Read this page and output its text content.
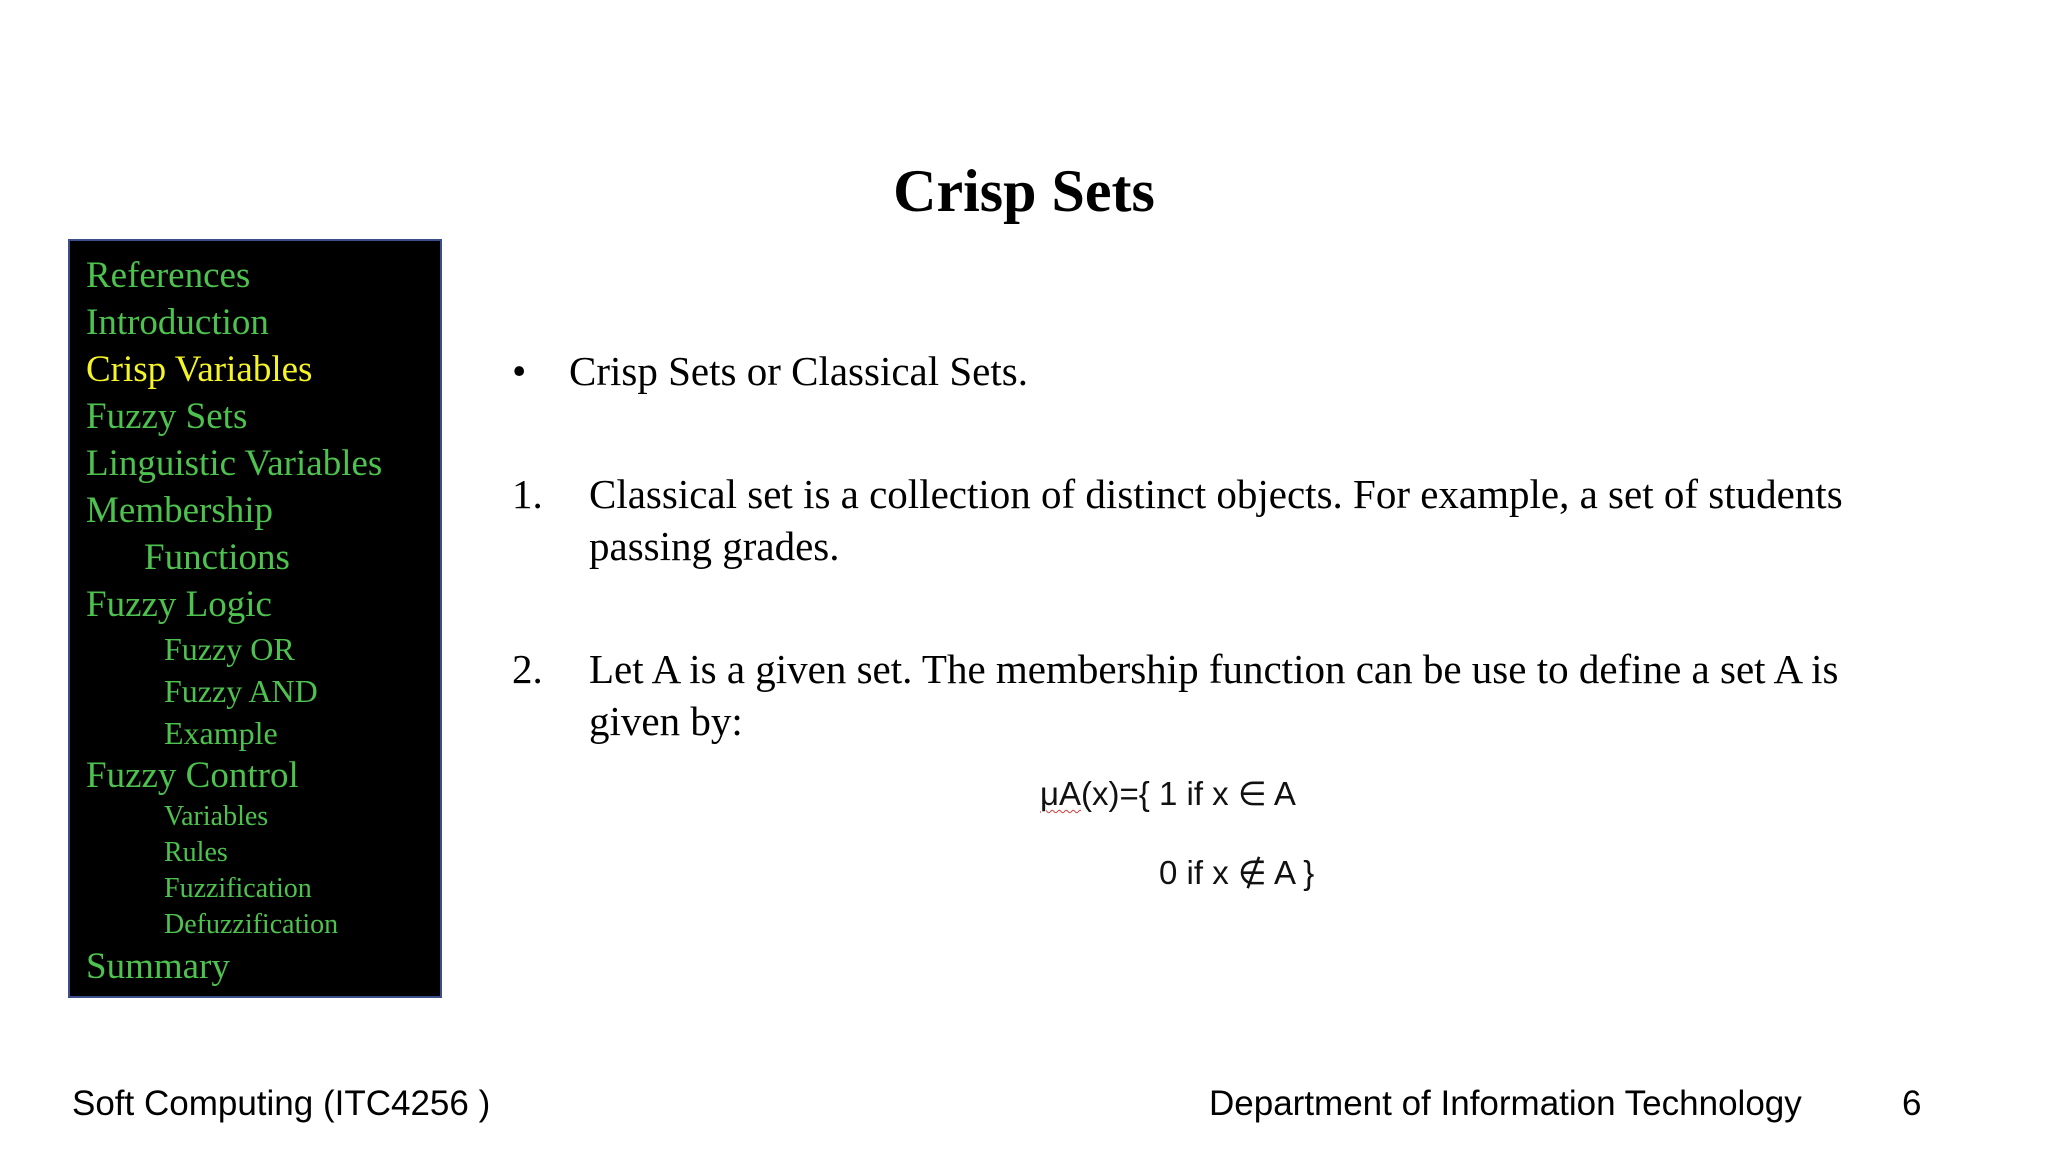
Crisp Sets
References
Introduction
Crisp Variables
Fuzzy Sets
Linguistic Variables
Membership
Functions
Fuzzy Logic
Fuzzy OR
Fuzzy AND
Example
Fuzzy Control
Variables
Rules
Fuzzification
Defuzzification
Summary
• Crisp Sets or Classical Sets.
1. Classical set is a collection of distinct objects. For example, a set of students
passing grades.
2. Let A is a given set. The membership function can be use to define a set A is
given by:
μA(x)={ 1 if x ∈ A
0 if x ∉ A }
Soft Computing (ITC4256 )	Department of Information Technology	6
